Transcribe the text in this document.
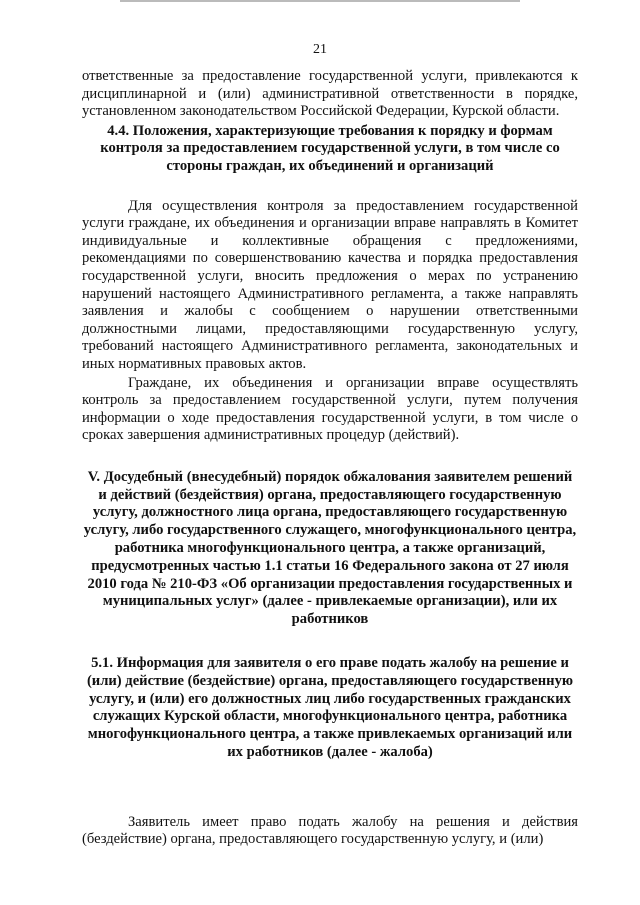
21

ответственные за предоставление государственной услуги, привлекаются к дисциплинарной и (или) административной ответственности в порядке, установленном законодательством Российской Федерации, Курской области.

4.4. Положения, характеризующие требования к порядку и формам контроля за предоставлением государственной услуги, в том числе со стороны граждан, их объединений и организаций

Для осуществления контроля за предоставлением государственной услуги граждане, их объединения и организации вправе направлять в Комитет индивидуальные и коллективные обращения с предложениями, рекомендациями по совершенствованию качества и порядка предоставления государственной услуги, вносить предложения о мерах по устранению нарушений настоящего Административного регламента, а также направлять заявления и жалобы с сообщением о нарушении ответственными должностными лицами, предоставляющими государственную услугу, требований настоящего Административного регламента, законодательных и иных нормативных правовых актов.

Граждане, их объединения и организации вправе осуществлять контроль за предоставлением государственной услуги, путем получения информации о ходе предоставления государственной услуги, в том числе о сроках завершения административных процедур (действий).

V. Досудебный (внесудебный) порядок обжалования заявителем решений и действий (бездействия) органа, предоставляющего государственную услугу, должностного лица органа, предоставляющего государственную услугу, либо государственного служащего, многофункционального центра, работника многофункционального центра, а также организаций, предусмотренных частью 1.1 статьи 16 Федерального закона от 27 июля 2010 года № 210-ФЗ «Об организации предоставления государственных и муниципальных услуг» (далее - привлекаемые организации), или их работников

5.1. Информация для заявителя о его праве подать жалобу на решение и (или) действие (бездействие) органа, предоставляющего государственную услугу, и (или) его должностных лиц либо государственных гражданских служащих Курской области, многофункционального центра, работника многофункционального центра, а также привлекаемых организаций или их работников (далее - жалоба)

Заявитель имеет право подать жалобу на решения и действия (бездействие) органа, предоставляющего государственную услугу, и (или)
